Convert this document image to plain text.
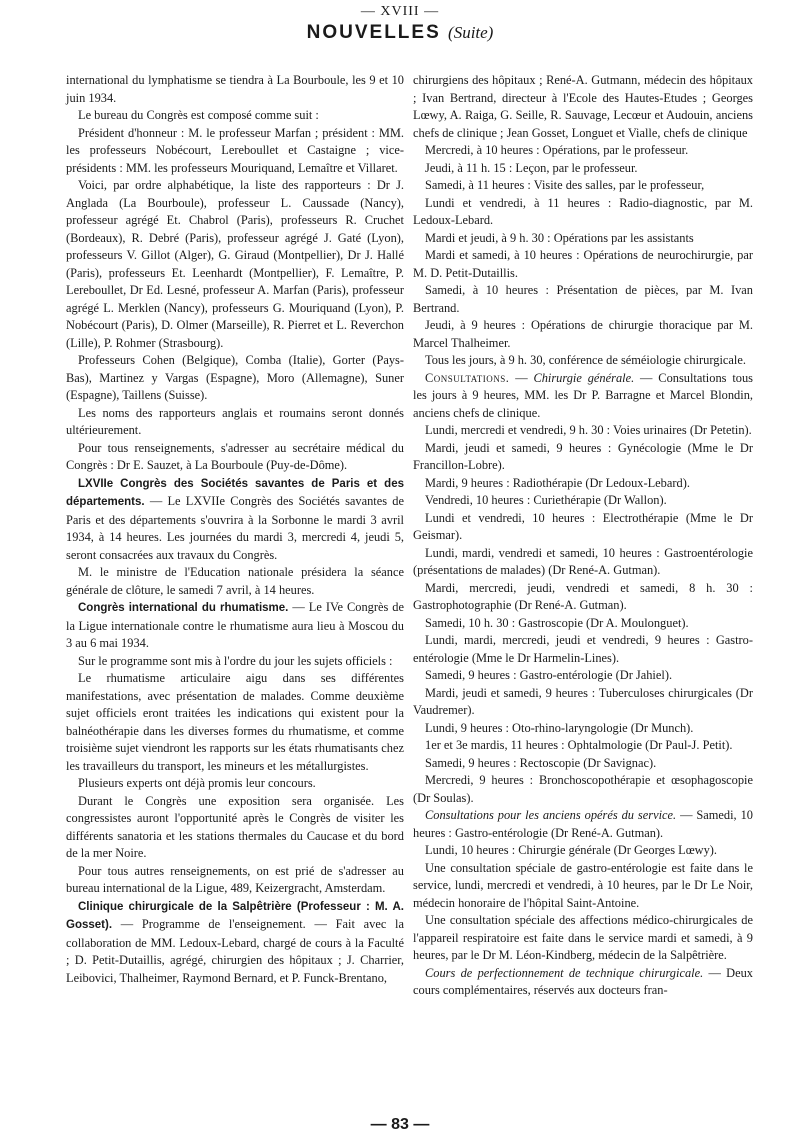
— XVIII —
NOUVELLES (Suite)

international du lymphatisme se tiendra à La Bourboule, les 9 et 10 juin 1934.

Le bureau du Congrès est composé comme suit :

Président d'honneur : M. le professeur Marfan ; président : MM. les professeurs Nobécourt, Lereboullet et Castaigne ; vice-présidents : MM. les professeurs Mouriquand, Lemaître et Villaret.

Voici, par ordre alphabétique, la liste des rapporteurs : Dr J. Anglada (La Bourboule), professeur L. Caussade (Nancy), professeur agrégé Et. Chabrol (Paris), professeurs R. Cruchet (Bordeaux), R. Debré (Paris), professeur agrégé J. Gaté (Lyon), professeurs V. Gillot (Alger), G. Giraud (Montpellier), Dr J. Hallé (Paris), professeurs Et. Leenhardt (Montpellier), F. Lemaître, P. Lereboullet, Dr Ed. Lesné, professeur A. Marfan (Paris), professeur agrégé L. Merklen (Nancy), professeurs G. Mouriquand (Lyon), P. Nobécourt (Paris), D. Olmer (Marseille), R. Pierret et L. Reverchon (Lille), P. Rohmer (Strasbourg).

Professeurs Cohen (Belgique), Comba (Italie), Gorter (Pays-Bas), Martinez y Vargas (Espagne), Moro (Allemagne), Suner (Espagne), Taillens (Suisse).

Les noms des rapporteurs anglais et roumains seront donnés ultérieurement.

Pour tous renseignements, s'adresser au secrétaire médical du Congrès : Dr E. Sauzet, à La Bourboule (Puy-de-Dôme).

LXVIIe Congrès des Sociétés savantes de Paris et des départements. — Le LXVIIe Congrès des Sociétés savantes de Paris et des départements s'ouvrira à la Sorbonne le mardi 3 avril 1934, à 14 heures. Les journées du mardi 3, mercredi 4, jeudi 5, seront consacrées aux travaux du Congrès.

M. le ministre de l'Education nationale présidera la séance générale de clôture, le samedi 7 avril, à 14 heures.

Congrès international du rhumatisme. — Le IVe Congrès de la Ligue internationale contre le rhumatisme aura lieu à Moscou du 3 au 6 mai 1934.

Sur le programme sont mis à l'ordre du jour les sujets officiels :

Le rhumatisme articulaire aigu dans ses différentes manifestations, avec présentation de malades. Comme deuxième sujet officiels eront traitées les indications qui existent pour la balnéothérapie dans les diverses formes du rhumatisme, et comme troisième sujet viendront les rapports sur les états rhumatisants chez les travailleurs du transport, les mineurs et les métallurgistes.

Plusieurs experts ont déjà promis leur concours.

Durant le Congrès une exposition sera organisée. Les congressistes auront l'opportunité après le Congrès de visiter les différents sanatoria et les stations thermales du Caucase et du bord de la mer Noire.

Pour tous autres renseignements, on est prié de s'adresser au bureau international de la Ligue, 489, Keizergracht, Amsterdam.

Clinique chirurgicale de la Salpêtrière (Professeur : M. A. Gosset). — Programme de l'enseignement. — Fait avec la collaboration de MM. Ledoux-Lebard, chargé de cours à la Faculté ; D. Petit-Dutaillis, agrégé, chirurgien des hôpitaux ; J. Charrier, Leibovici, Thalheimer, Raymond Bernard, et P. Funck-Brentano,

chirurgiens des hôpitaux ; René-A. Gutmann, médecin des hôpitaux ; Ivan Bertrand, directeur à l'Ecole des Hautes-Etudes ; Georges Lœwy, A. Raiga, G. Seille, R. Sauvage, Lecœur et Audouin, anciens chefs de clinique ; Jean Gosset, Longuet et Vialle, chefs de clinique

Mercredi, à 10 heures : Opérations, par le professeur.

Jeudi, à 11 h. 15 : Leçon, par le professeur.

Samedi, à 11 heures : Visite des salles, par le professeur,

Lundi et vendredi, à 11 heures : Radio-diagnostic, par M. Ledoux-Lebard.

Mardi et jeudi, à 9 h. 30 : Opérations par les assistants

Mardi et samedi, à 10 heures : Opérations de neurochirurgie, par M. D. Petit-Dutaillis.

Samedi, à 10 heures : Présentation de pièces, par M. Ivan Bertrand.

Jeudi, à 9 heures : Opérations de chirurgie thoracique par M. Marcel Thalheimer.

Tous les jours, à 9 h. 30, conférence de séméiologie chirurgicale.

Consultations. — Chirurgie générale. — Consultations tous les jours à 9 heures, MM. les Dr P. Barragne et Marcel Blondin, anciens chefs de clinique.

Lundi, mercredi et vendredi, 9 h. 30 : Voies urinaires (Dr Petetin).

Mardi, jeudi et samedi, 9 heures : Gynécologie (Mme le Dr Francillon-Lobre).

Mardi, 9 heures : Radiothérapie (Dr Ledoux-Lebard).

Vendredi, 10 heures : Curiethérapie (Dr Wallon).

Lundi et vendredi, 10 heures : Electrothérapie (Mme le Dr Geismar).

Lundi, mardi, vendredi et samedi, 10 heures : Gastroentérologie (présentations de malades) (Dr René-A. Gutman).

Mardi, mercredi, jeudi, vendredi et samedi, 8 h. 30 : Gastrophotographie (Dr René-A. Gutman).

Samedi, 10 h. 30 : Gastroscopie (Dr A. Moulonguet).

Lundi, mardi, mercredi, jeudi et vendredi, 9 heures : Gastro-entérologie (Mme le Dr Harmelin-Lines).

Samedi, 9 heures : Gastro-entérologie (Dr Jahiel).

Mardi, jeudi et samedi, 9 heures : Tuberculoses chirurgicales (Dr Vaudremer).

Lundi, 9 heures : Oto-rhino-laryngologie (Dr Munch).

1er et 3e mardis, 11 heures : Ophtalmologie (Dr Paul-J. Petit).

Samedi, 9 heures : Rectoscopie (Dr Savignac).

Mercredi, 9 heures : Bronchoscopothérapie et œsophagoscopie (Dr Soulas).

Consultations pour les anciens opérés du service. — Samedi, 10 heures : Gastro-entérologie (Dr René-A. Gutman).

Lundi, 10 heures : Chirurgie générale (Dr Georges Lœwy).

Une consultation spéciale de gastro-entérologie est faite dans le service, lundi, mercredi et vendredi, à 10 heures, par le Dr Le Noir, médecin honoraire de l'hôpital Saint-Antoine.

Une consultation spéciale des affections médico-chirurgicales de l'appareil respiratoire est faite dans le service mardi et samedi, à 9 heures, par le Dr M. Léon-Kindberg, médecin de la Salpêtrière.

Cours de perfectionnement de technique chirurgicale. — Deux cours complémentaires, réservés aux docteurs fran-

— 83 —
